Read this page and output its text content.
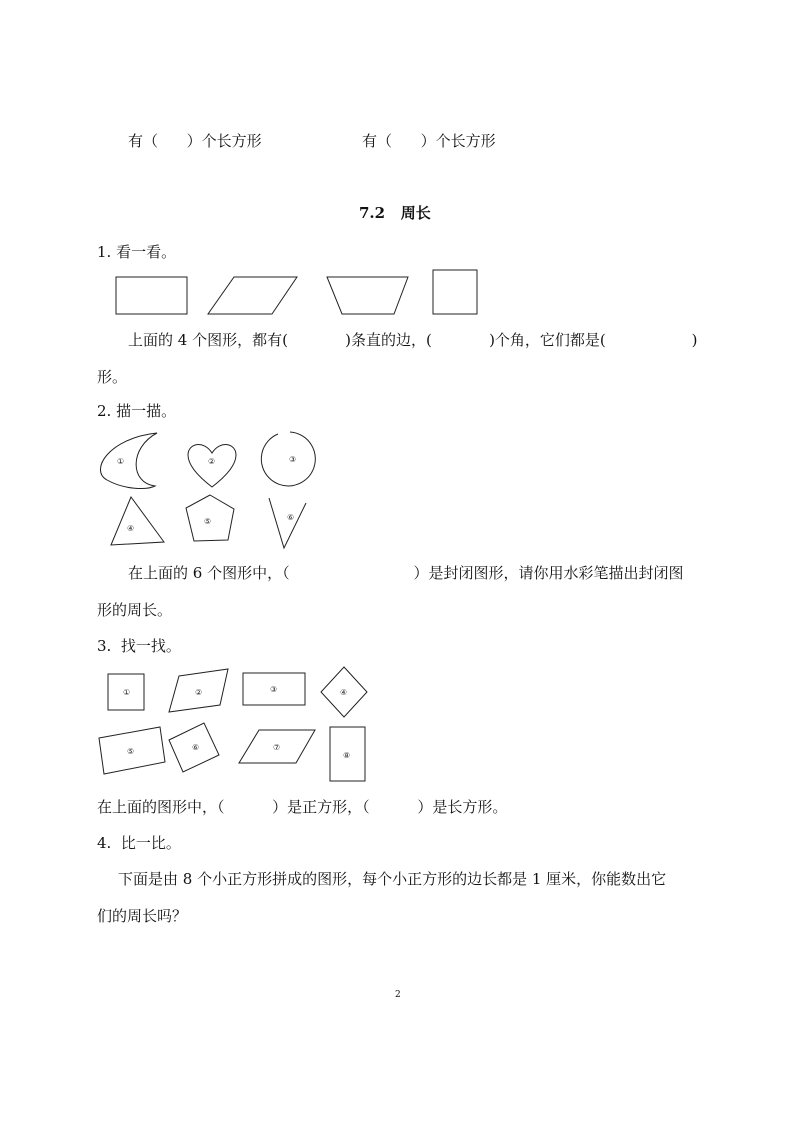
有（      ）个长方形	有（      ）个长方形
7.2   周长
1. 看一看。
上面的 4 个图形，都有(            )条直的边，(            )个角，它们都是(                  )
形。
2. 描一描。
①	②	③
④
⑤	⑥
在上面的 6 个图形中，（                          ）是封闭图形，请你用水彩笔描出封闭图
形的周长。
3.  找一找。
①	②	③	④
⑤	⑥	⑦
⑧
在上面的图形中，（          ）是正方形，（          ）是长方形。
4.  比一比。
下面是由 8 个小正方形拼成的图形，每个小正方形的边长都是 1 厘米，你能数出它
们的周长吗？
2
